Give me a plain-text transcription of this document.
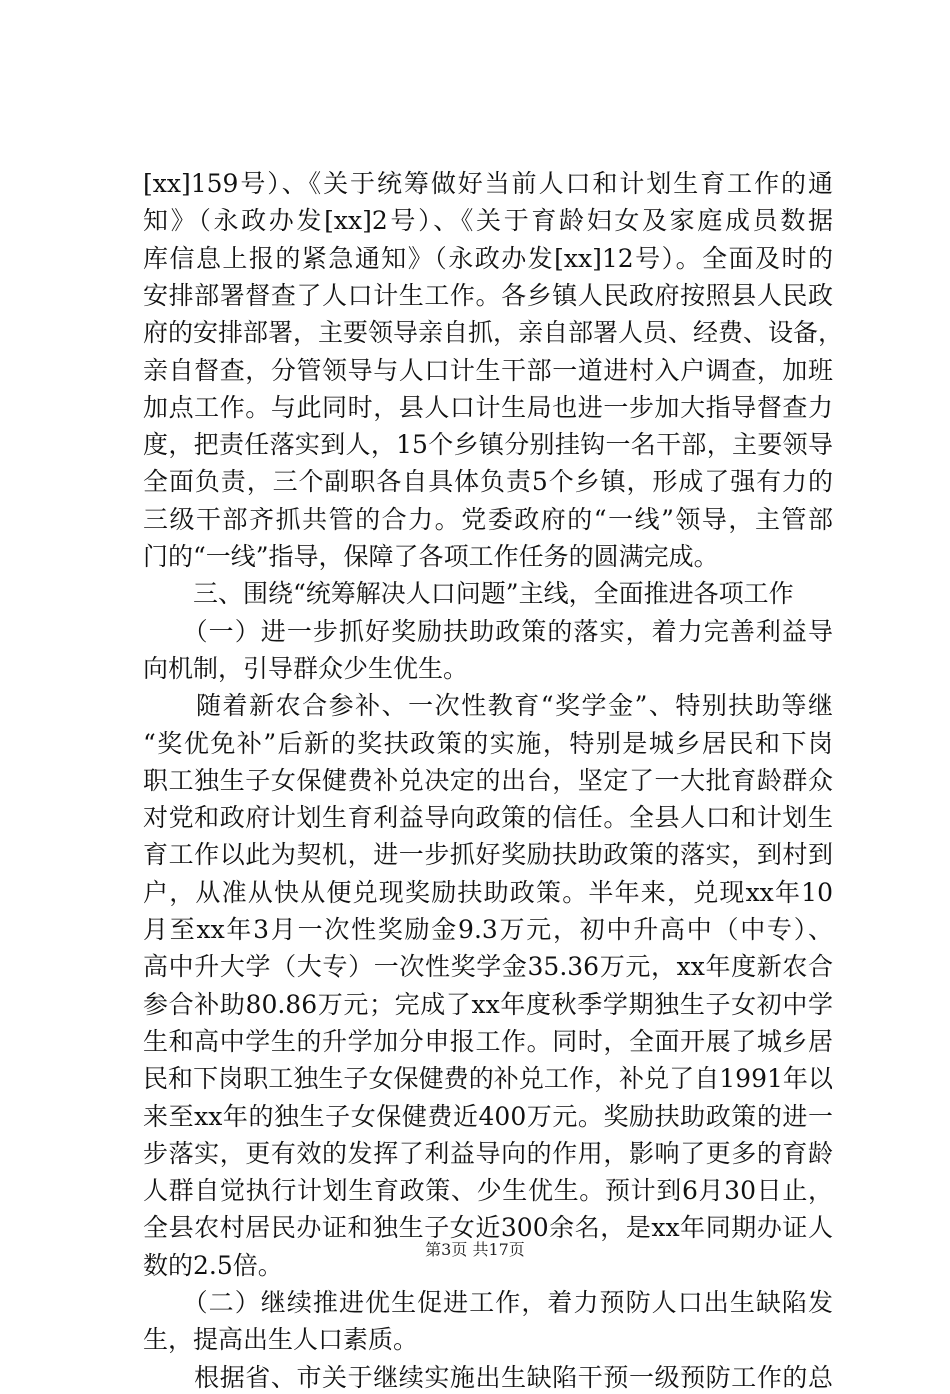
[xx]159号）、《关于统筹做好当前人口和计划生育工作的通
知》（永政办发[xx]2号）、《关于育龄妇女及家庭成员数据
库信息上报的紧急通知》（永政办发[xx]12号）。全面及时的
安排部署督查了人口计生工作。各乡镇人民政府按照县人民政
府的安排部署，主要领导亲自抓，亲自部署人员、经费、设备，
亲自督查，分管领导与人口计生干部一道进村入户调查，加班
加点工作。与此同时，县人口计生局也进一步加大指导督查力
度，把责任落实到人，15个乡镇分别挂钩一名干部，主要领导
全面负责，三个副职各自具体负责5个乡镇，形成了强有力的
三级干部齐抓共管的合力。党委政府的“一线”领导，主管部
门的“一线”指导，保障了各项工作任务的圆满完成。
　　三、围绕“统筹解决人口问题”主线，全面推进各项工作
　　（一）进一步抓好奖励扶助政策的落实，着力完善利益导
向机制，引导群众少生优生。
　　随着新农合参补、一次性教育“奖学金”、特别扶助等继
“奖优免补”后新的奖扶政策的实施，特别是城乡居民和下岗
职工独生子女保健费补兑决定的出台，坚定了一大批育龄群众
对党和政府计划生育利益导向政策的信任。全县人口和计划生
育工作以此为契机，进一步抓好奖励扶助政策的落实，到村到
户，从准从快从便兑现奖励扶助政策。半年来，兑现xx年10
月至xx年3月一次性奖励金9.3万元，初中升高中（中专）、
高中升大学（大专）一次性奖学金35.36万元，xx年度新农合
参合补助80.86万元；完成了xx年度秋季学期独生子女初中学
生和高中学生的升学加分申报工作。同时，全面开展了城乡居
民和下岗职工独生子女保健费的补兑工作，补兑了自1991年以
来至xx年的独生子女保健费近400万元。奖励扶助政策的进一
步落实，更有效的发挥了利益导向的作用，影响了更多的育龄
人群自觉执行计划生育政策、少生优生。预计到6月30日止，
全县农村居民办证和独生子女近300余名，是xx年同期办证人
数的2.5倍。
　　（二）继续推进优生促进工作，着力预防人口出生缺陷发
生，提高出生人口素质。
　　根据省、市关于继续实施出生缺陷干预一级预防工作的总
第3页 共17页
